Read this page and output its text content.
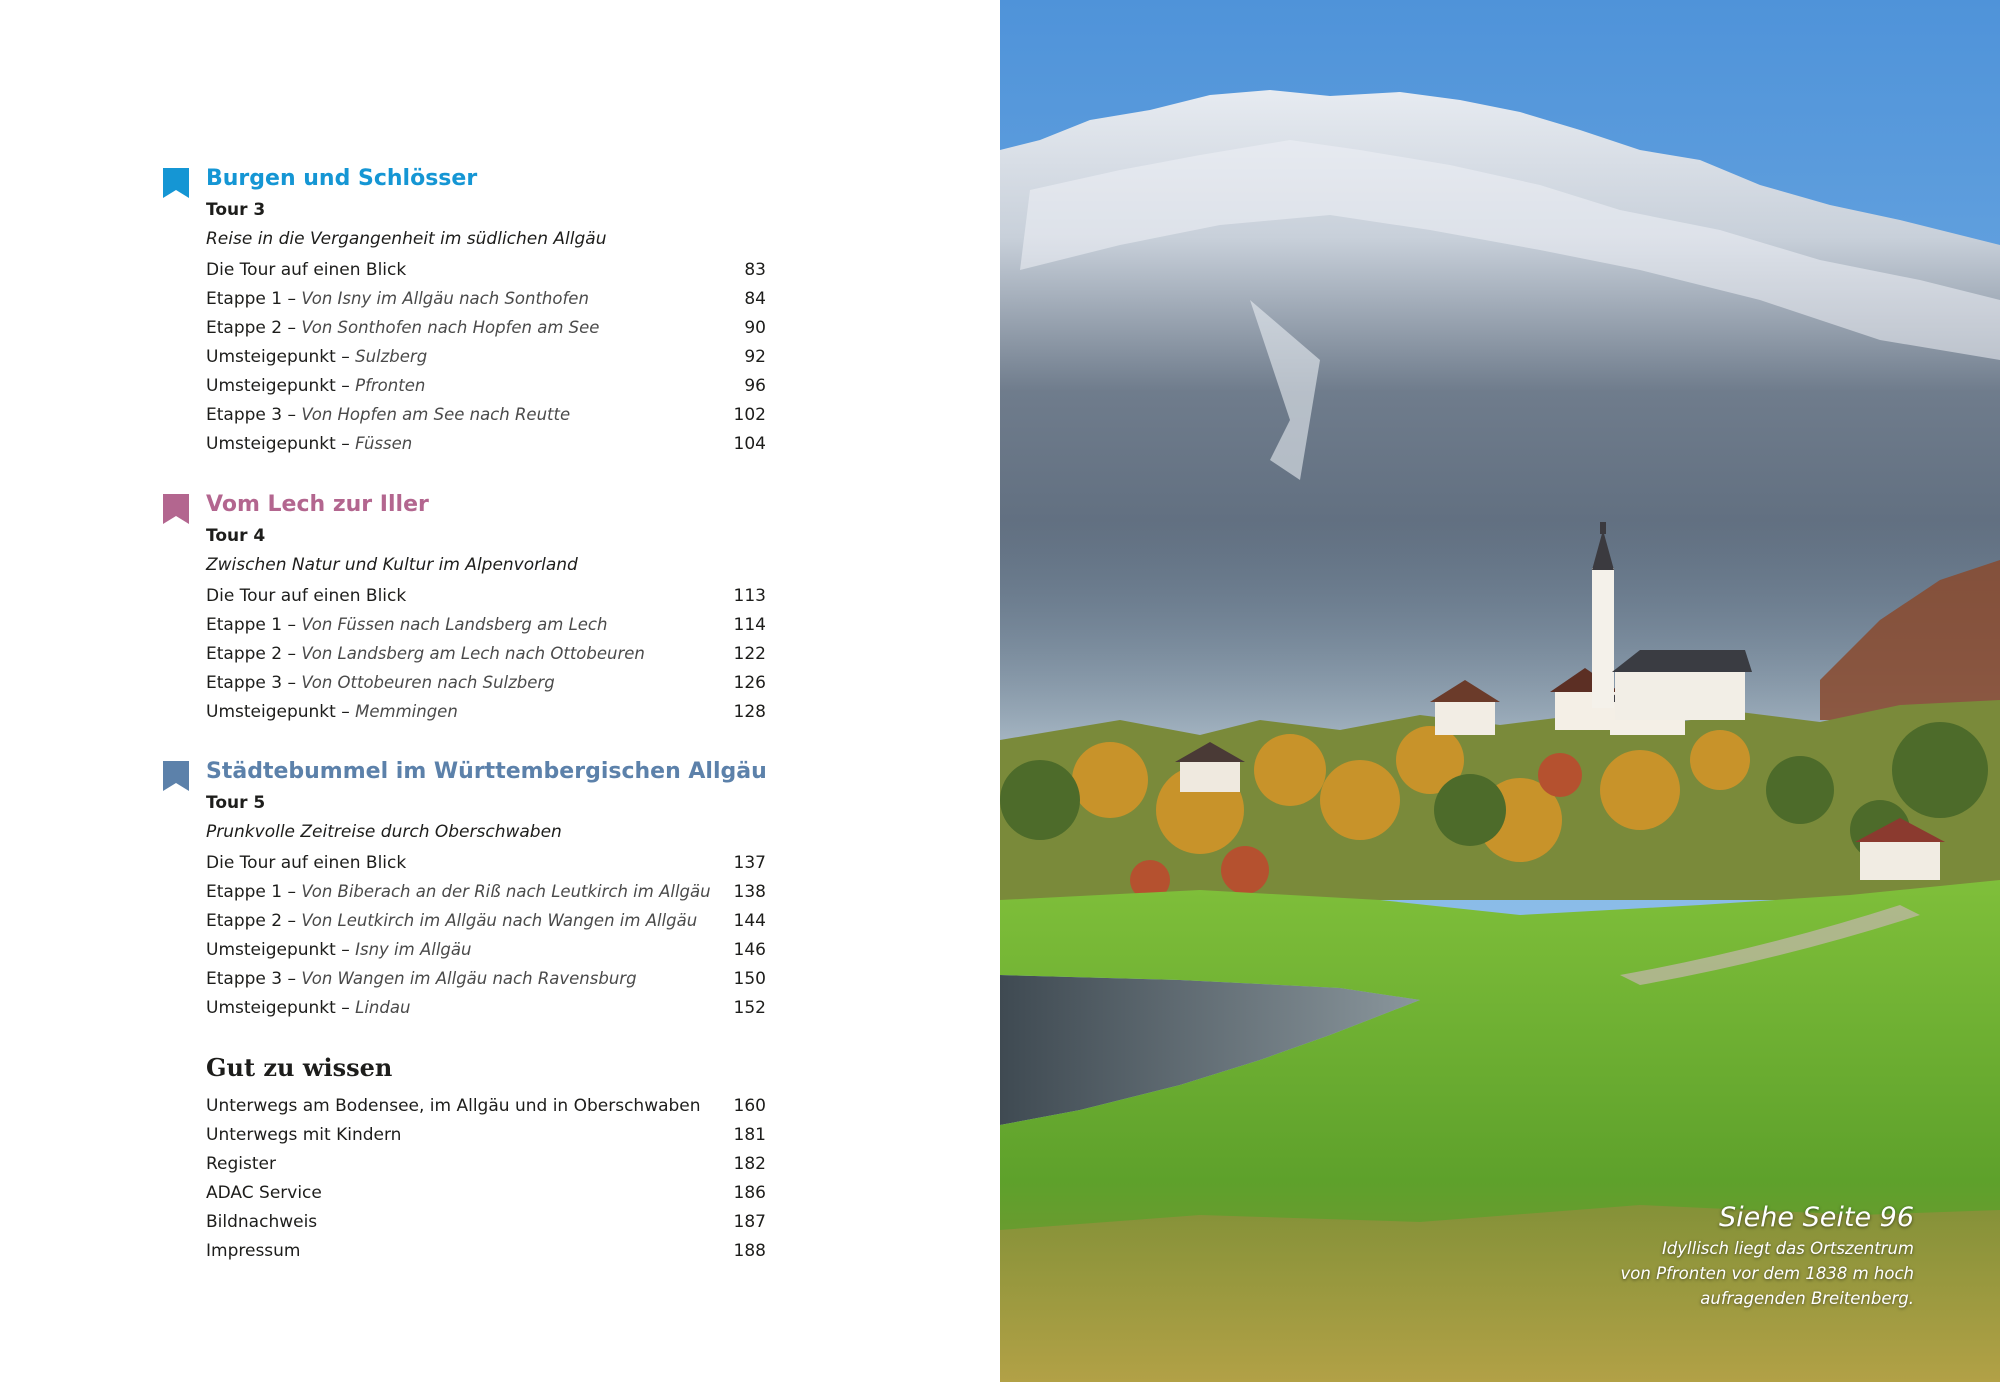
Burgen und Schlösser
Tour 3
Reise in die Vergangenheit im südlichen Allgäu
Die Tour auf einen Blick	83
Etappe 1 – Von Isny im Allgäu nach Sonthofen	84
Etappe 2 – Von Sonthofen nach Hopfen am See	90
Umsteigepunkt – Sulzberg	92
Umsteigepunkt – Pfronten	96
Etappe 3 – Von Hopfen am See nach Reutte	102
Umsteigepunkt – Füssen	104
Vom Lech zur Iller
Tour 4
Zwischen Natur und Kultur im Alpenvorland
Die Tour auf einen Blick	113
Etappe 1 – Von Füssen nach Landsberg am Lech	114
Etappe 2 – Von Landsberg am Lech nach Ottobeuren	122
Etappe 3 – Von Ottobeuren nach Sulzberg	126
Umsteigepunkt – Memmingen	128
Städtebummel im Württembergischen Allgäu
Tour 5
Prunkvolle Zeitreise durch Oberschwaben
Die Tour auf einen Blick	137
Etappe 1 – Von Biberach an der Riß nach Leutkirch im Allgäu	138
Etappe 2 – Von Leutkirch im Allgäu nach Wangen im Allgäu	144
Umsteigepunkt – Isny im Allgäu	146
Etappe 3 – Von Wangen im Allgäu nach Ravensburg	150
Umsteigepunkt – Lindau	152
Gut zu wissen
Unterwegs am Bodensee, im Allgäu und in Oberschwaben	160
Unterwegs mit Kindern	181
Register	182
ADAC Service	186
Bildnachweis	187
Impressum	188
Siehe Seite 96
Idyllisch liegt das Ortszentrum
von Pfronten vor dem 1838 m hoch
aufragenden Breitenberg.
